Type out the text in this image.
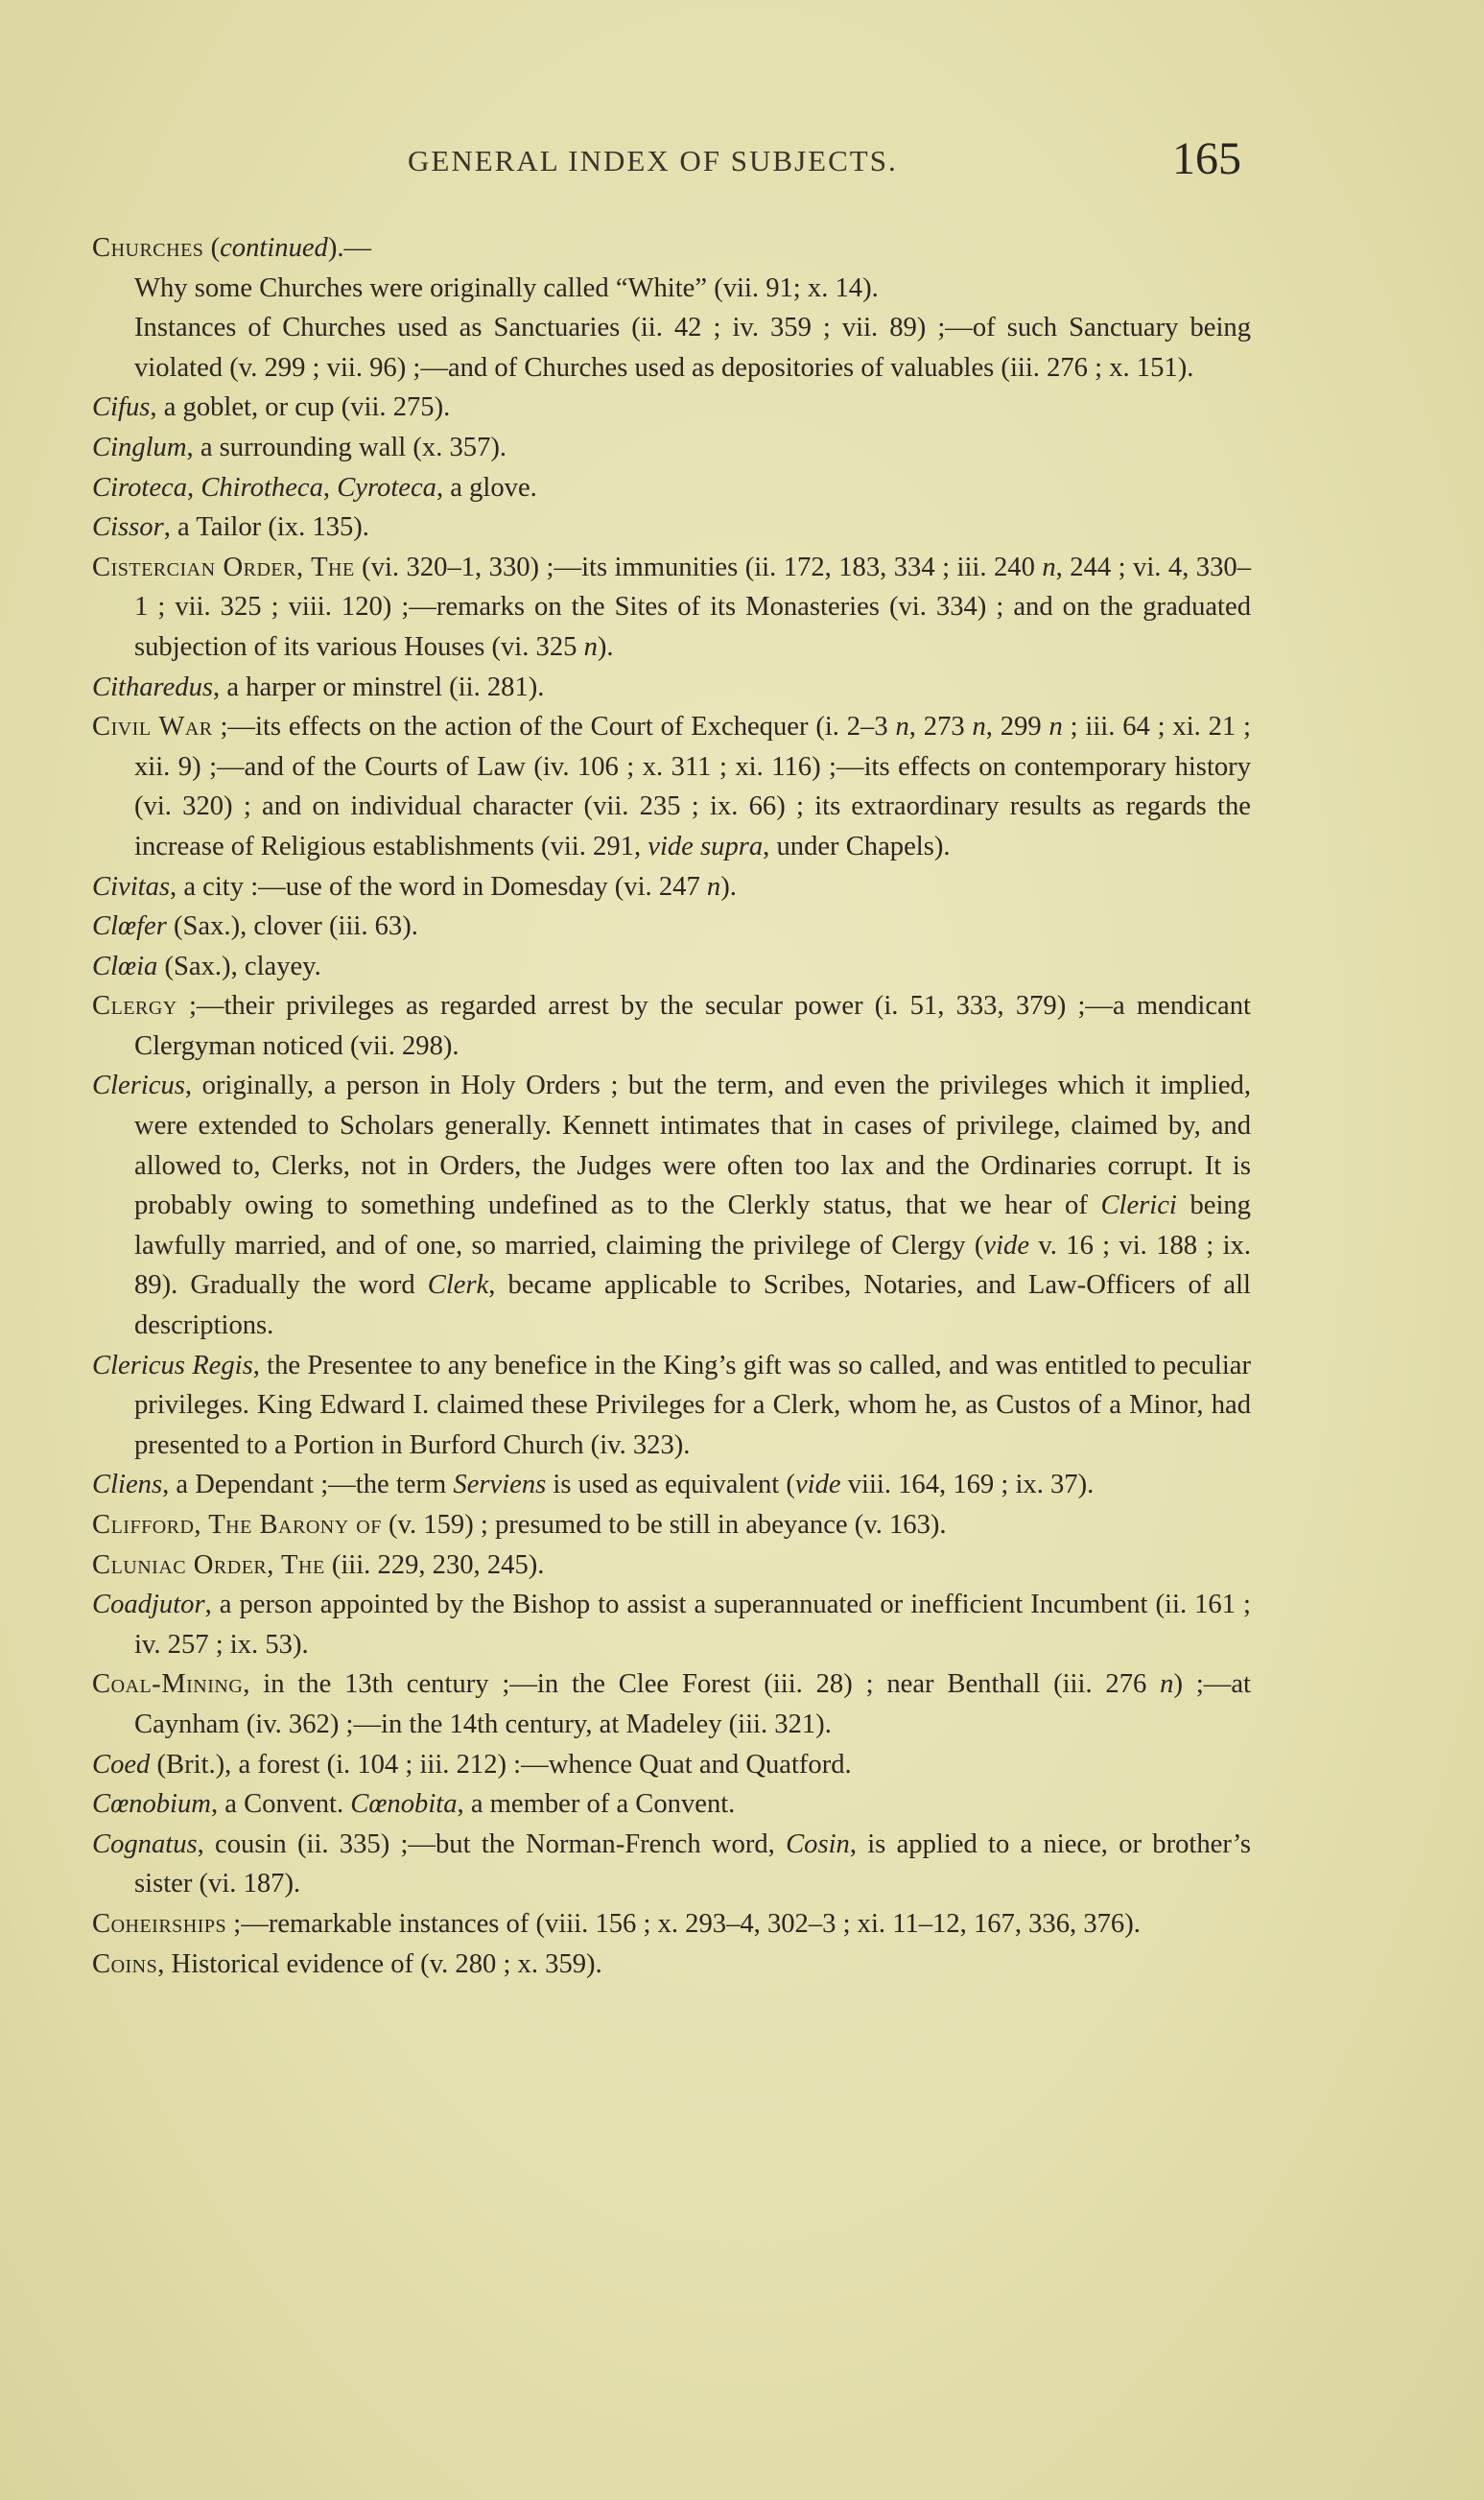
GENERAL INDEX OF SUBJECTS.	165
Churches (continued).—
Why some Churches were originally called “White” (vii. 91; x. 14).
Instances of Churches used as Sanctuaries (ii. 42 ; iv. 359 ; vii. 89) ;—of such Sanctuary being violated (v. 299 ; vii. 96) ;—and of Churches used as depositories of valuables (iii. 276 ; x. 151).
Cifus, a goblet, or cup (vii. 275).
Cinglum, a surrounding wall (x. 357).
Ciroteca, Chirotheca, Cyroteca, a glove.
Cissor, a Tailor (ix. 135).
Cistercian Order, The (vi. 320–1, 330) ;—its immunities (ii. 172, 183, 334 ; iii. 240 n, 244 ; vi. 4, 330–1 ; vii. 325 ; viii. 120) ;—remarks on the Sites of its Monasteries (vi. 334) ; and on the graduated subjection of its various Houses (vi. 325 n).
Citharedus, a harper or minstrel (ii. 281).
Civil War ;—its effects on the action of the Court of Exchequer (i. 2–3 n, 273 n, 299 n ; iii. 64 ; xi. 21 ; xii. 9) ;—and of the Courts of Law (iv. 106 ; x. 311 ; xi. 116) ;—its effects on contemporary history (vi. 320) ; and on individual character (vii. 235 ; ix. 66) ; its extraordinary results as regards the increase of Religious establishments (vii. 291, vide supra, under Chapels).
Civitas, a city :—use of the word in Domesday (vi. 247 n).
Clœfer (Sax.), clover (iii. 63).
Clœia (Sax.), clayey.
Clergy ;—their privileges as regarded arrest by the secular power (i. 51, 333, 379) ;—a mendicant Clergyman noticed (vii. 298).
Clericus, originally, a person in Holy Orders ; but the term, and even the privileges which it implied, were extended to Scholars generally. Kennett intimates that in cases of privilege, claimed by, and allowed to, Clerks, not in Orders, the Judges were often too lax and the Ordinaries corrupt. It is probably owing to something undefined as to the Clerkly status, that we hear of Clerici being lawfully married, and of one, so married, claiming the privilege of Clergy (vide v. 16 ; vi. 188 ; ix. 89). Gradually the word Clerk, became applicable to Scribes, Notaries, and Law-Officers of all descriptions.
Clericus Regis, the Presentee to any benefice in the King’s gift was so called, and was entitled to peculiar privileges. King Edward I. claimed these Privileges for a Clerk, whom he, as Custos of a Minor, had presented to a Portion in Burford Church (iv. 323).
Cliens, a Dependant ;—the term Serviens is used as equivalent (vide viii. 164, 169 ; ix. 37).
Clifford, The Barony of (v. 159) ; presumed to be still in abeyance (v. 163).
Cluniac Order, The (iii. 229, 230, 245).
Coadjutor, a person appointed by the Bishop to assist a superannuated or inefficient Incumbent (ii. 161 ; iv. 257 ; ix. 53).
Coal-Mining, in the 13th century ;—in the Clee Forest (iii. 28) ; near Benthall (iii. 276 n) ;—at Caynham (iv. 362) ;—in the 14th century, at Madeley (iii. 321).
Coed (Brit.), a forest (i. 104 ; iii. 212) :—whence Quat and Quatford.
Cœnobium, a Convent. Cœnobita, a member of a Convent.
Cognatus, cousin (ii. 335) ;—but the Norman-French word, Cosin, is applied to a niece, or brother’s sister (vi. 187).
Coheirships ;—remarkable instances of (viii. 156 ; x. 293–4, 302–3 ; xi. 11–12, 167, 336, 376).
Coins, Historical evidence of (v. 280 ; x. 359).
